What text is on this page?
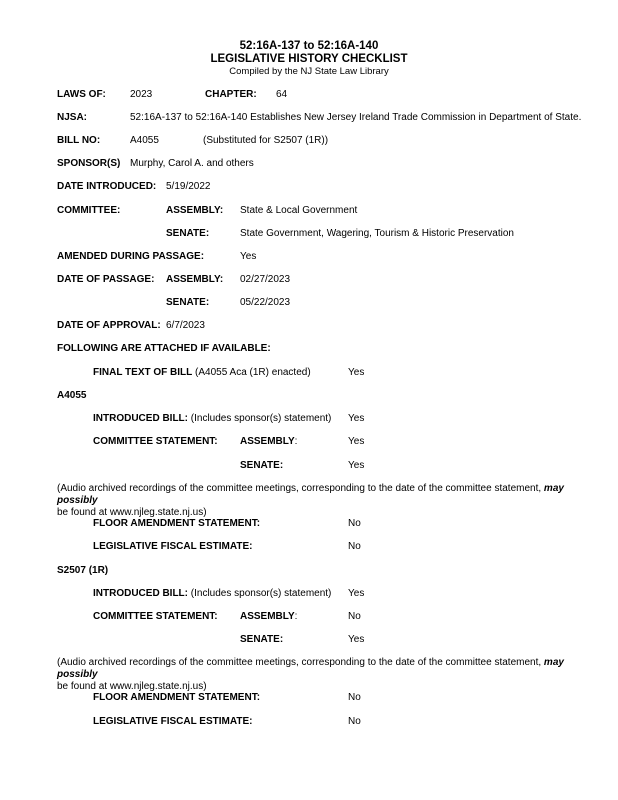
52:16A-137 to 52:16A-140
LEGISLATIVE HISTORY CHECKLIST
Compiled by the NJ State Law Library
LAWS OF: 2023	CHAPTER: 64
NJSA:	52:16A-137 to 52:16A-140 Establishes New Jersey Ireland Trade Commission in Department of State.
BILL NO:	A4055	(Substituted for S2507 (1R))
SPONSOR(S) Murphy, Carol A. and others
DATE INTRODUCED: 5/19/2022
COMMITTEE:	ASSEMBLY: State & Local Government
SENATE:	State Government, Wagering, Tourism & Historic Preservation
AMENDED DURING PASSAGE:	Yes
DATE OF PASSAGE: ASSEMBLY: 02/27/2023
SENATE:	05/22/2023
DATE OF APPROVAL: 6/7/2023
FOLLOWING ARE ATTACHED IF AVAILABLE:
FINAL TEXT OF BILL (A4055 Aca (1R) enacted)	Yes
A4055
INTRODUCED BILL: (Includes sponsor(s) statement) Yes
COMMITTEE STATEMENT: ASSEMBLY:	Yes
SENATE:	Yes
(Audio archived recordings of the committee meetings, corresponding to the date of the committee statement, may possibly
be found at www.njleg.state.nj.us)
FLOOR AMENDMENT STATEMENT:	No
LEGISLATIVE FISCAL ESTIMATE:	No
S2507 (1R)
INTRODUCED BILL: (Includes sponsor(s) statement) Yes
COMMITTEE STATEMENT: ASSEMBLY:	No
SENATE:	Yes
(Audio archived recordings of the committee meetings, corresponding to the date of the committee statement, may possibly
be found at www.njleg.state.nj.us)
FLOOR AMENDMENT STATEMENT:	No
LEGISLATIVE FISCAL ESTIMATE:	No
